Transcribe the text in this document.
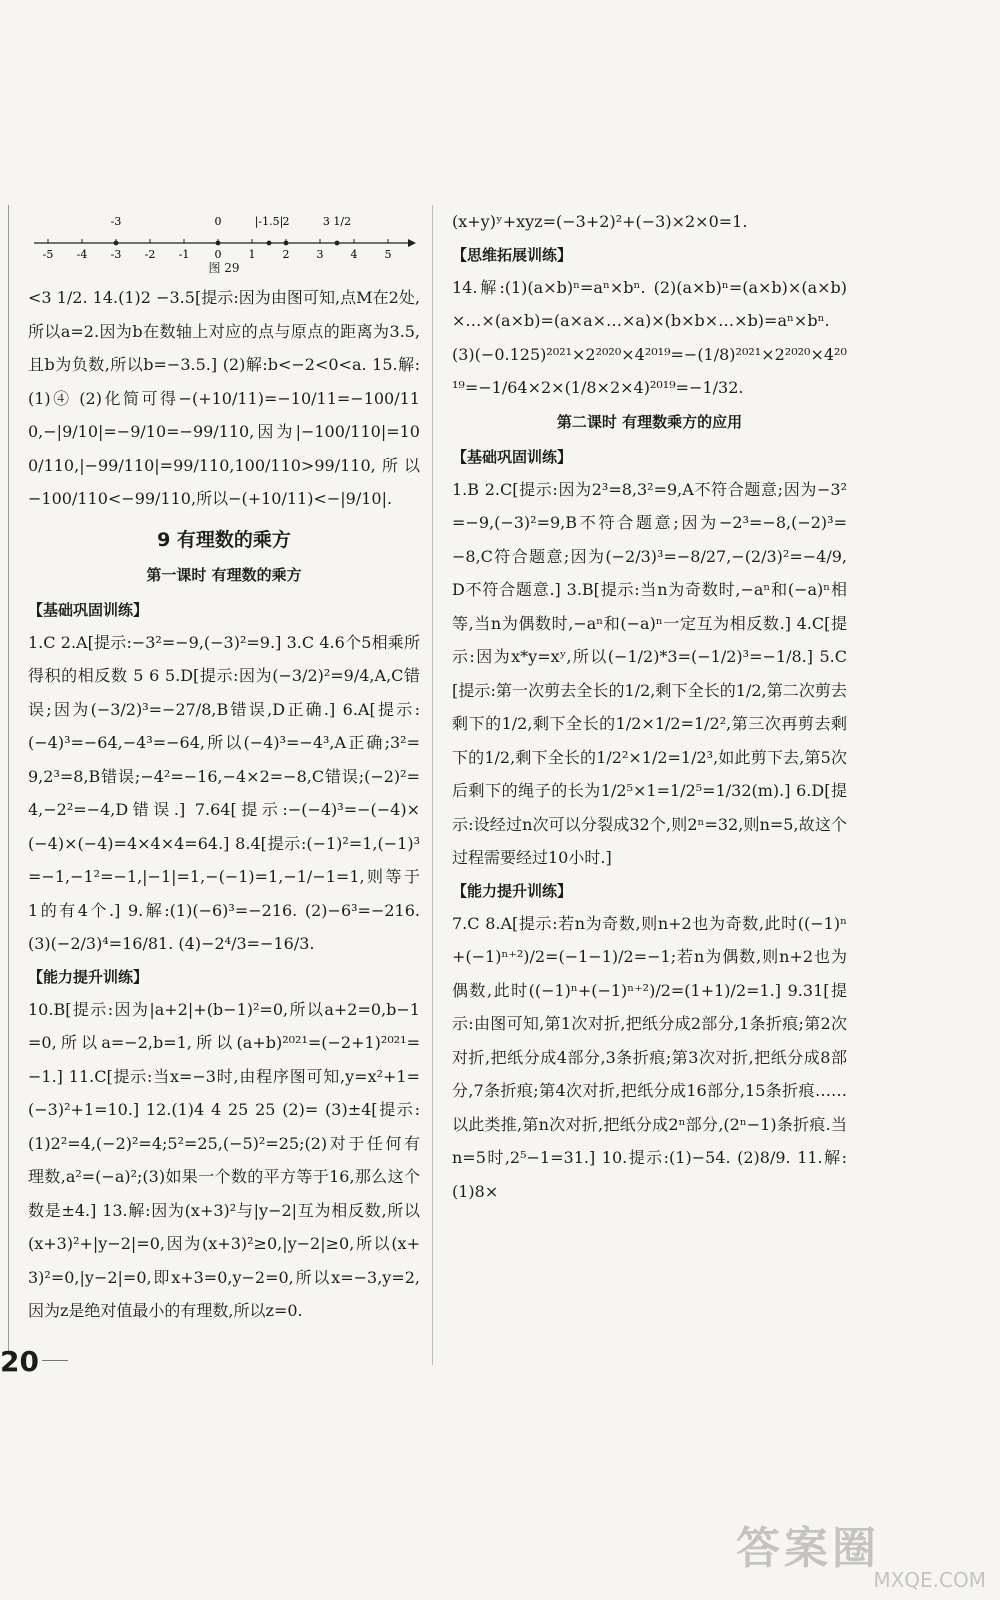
-5 -4 -3 -2 -1 0 1 2 3 4 5
-3	0	|-1.5| 2	3 1/2
图 29

<3 1/2. 14.(1)2 −3.5[提示:因为由图可知,点M在2处,所以a=2.因为b在数轴上对应的点与原点的距离为3.5,且b为负数,所以b=−3.5.] (2)解:b<−2<0<a. 15.解:(1)④ (2)化简可得−(+10/11)=−10/11=−100/110,−|9/10|=−9/10=−99/110,因为|−100/110|=100/110,|−99/110|=99/110,100/110>99/110,所以−100/110<−99/110,所以−(+10/11)<−|9/10|.

9 有理数的乘方
第一课时 有理数的乘方
【基础巩固训练】

1.C 2.A[提示:−3²=−9,(−3)²=9.] 3.C 4.6个5相乘所得积的相反数 5 6 5.D[提示:因为(−3/2)²=9/4,A,C错误;因为(−3/2)³=−27/8,B错误,D正确.] 6.A[提示:(−4)³=−64,−4³=−64,所以(−4)³=−4³,A正确;3²=9,2³=8,B错误;−4²=−16,−4×2=−8,C错误;(−2)²=4,−2²=−4,D错误.] 7.64[提示:−(−4)³=−(−4)×(−4)×(−4)=4×4×4=64.] 8.4[提示:(−1)²=1,(−1)³=−1,−1²=−1,|−1|=1,−(−1)=1,−1/−1=1,则等于1的有4个.] 9.解:(1)(−6)³=−216. (2)−6³=−216. (3)(−2/3)⁴=16/81. (4)−2⁴/3=−16/3.

【能力提升训练】

10.B[提示:因为|a+2|+(b−1)²=0,所以a+2=0,b−1=0,所以a=−2,b=1,所以(a+b)²⁰²¹=(−2+1)²⁰²¹=−1.] 11.C[提示:当x=−3时,由程序图可知,y=x²+1=(−3)²+1=10.] 12.(1)4 4 25 25 (2)= (3)±4[提示:(1)2²=4,(−2)²=4;5²=25,(−5)²=25;(2)对于任何有理数,a²=(−a)²;(3)如果一个数的平方等于16,那么这个数是±4.] 13.解:因为(x+3)²与|y−2|互为相反数,所以(x+3)²+|y−2|=0,因为(x+3)²≥0,|y−2|≥0,所以(x+3)²=0,|y−2|=0,即x+3=0,y−2=0,所以x=−3,y=2,因为z是绝对值最小的有理数,所以z=0.

(x+y)ʸ+xyz=(−3+2)²+(−3)×2×0=1.

【思维拓展训练】

14.解:(1)(a×b)ⁿ=aⁿ×bⁿ. (2)(a×b)ⁿ=(a×b)×(a×b)×…×(a×b)=(a×a×…×a)×(b×b×…×b)=aⁿ×bⁿ. (3)(−0.125)²⁰²¹×2²⁰²⁰×4²⁰¹⁹=−(1/8)²⁰²¹×2²⁰²⁰×4²⁰¹⁹=−1/64×2×(1/8×2×4)²⁰¹⁹=−1/32.

第二课时 有理数乘方的应用
【基础巩固训练】

1.B 2.C[提示:因为2³=8,3²=9,A不符合题意;因为−3²=−9,(−3)²=9,B不符合题意;因为−2³=−8,(−2)³=−8,C符合题意;因为(−2/3)³=−8/27,−(2/3)²=−4/9,D不符合题意.] 3.B[提示:当n为奇数时,−aⁿ和(−a)ⁿ相等,当n为偶数时,−aⁿ和(−a)ⁿ一定互为相反数.] 4.C[提示:因为x*y=xʸ,所以(−1/2)*3=(−1/2)³=−1/8.] 5.C[提示:第一次剪去全长的1/2,剩下全长的1/2,第二次剪去剩下的1/2,剩下全长的1/2×1/2=1/2²,第三次再剪去剩下的1/2,剩下全长的1/2²×1/2=1/2³,如此剪下去,第5次后剩下的绳子的长为1/2⁵×1=1/2⁵=1/32(m).] 6.D[提示:设经过n次可以分裂成32个,则2ⁿ=32,则n=5,故这个过程需要经过10小时.]

【能力提升训练】

7.C 8.A[提示:若n为奇数,则n+2也为奇数,此时((−1)ⁿ+(−1)ⁿ⁺²)/2=(−1−1)/2=−1;若n为偶数,则n+2也为偶数,此时((−1)ⁿ+(−1)ⁿ⁺²)/2=(1+1)/2=1.] 9.31[提示:由图可知,第1次对折,把纸分成2部分,1条折痕;第2次对折,把纸分成4部分,3条折痕;第3次对折,把纸分成8部分,7条折痕;第4次对折,把纸分成16部分,15条折痕……以此类推,第n次对折,把纸分成2ⁿ部分,(2ⁿ−1)条折痕.当n=5时,2⁵−1=31.] 10.提示:(1)−54. (2)8/9. 11.解:(1)8×

20
答案圈
MXQE.COM
